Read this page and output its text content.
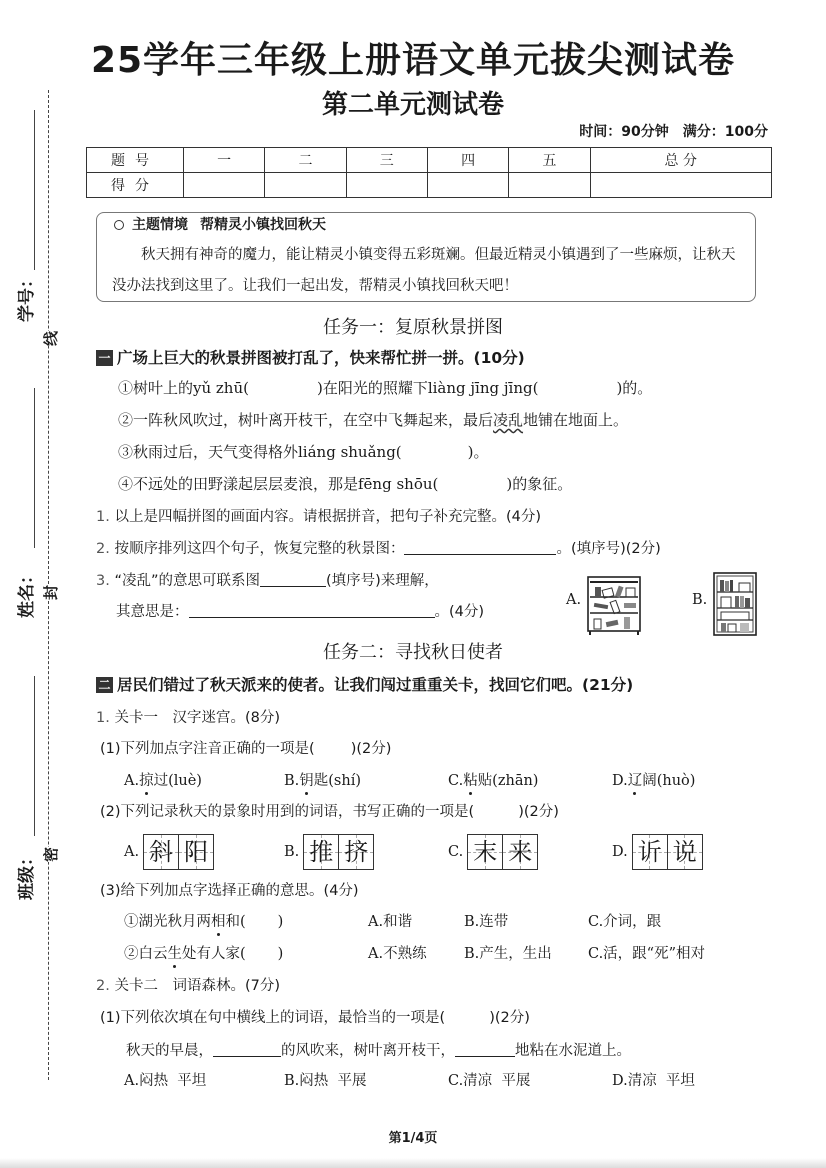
25学年三年级上册语文单元拔尖测试卷
第二单元测试卷
时间：90分钟 满分：100分
题号	一	二	三	四	五	总 分
得分						
学号：
姓名：
班级：
线
封
密
主题情境 帮精灵小镇找回秋天
秋天拥有神奇的魔力，能让精灵小镇变得五彩斑斓。但最近精灵小镇遇到了一些麻烦，让秋天没办法找到这里了。让我们一起出发，帮精灵小镇找回秋天吧！
任务一：复原秋景拼图
一 广场上巨大的秋景拼图被打乱了，快来帮忙拼一拼。(10分)
①树叶上的yǔ zhū(	)在阳光的照耀下liàng jīng jīng(	)的。
②一阵秋风吹过，树叶离开枝干，在空中飞舞起来，最后凌乱地铺在地面上。
③秋雨过后，天气变得格外liáng shuǎng(	)。
④不远处的田野漾起层层麦浪，那是fēng shōu(	)的象征。
1. 以上是四幅拼图的画面内容。请根据拼音，把句子补充完整。(4分)
2. 按顺序排列这四个句子，恢复完整的秋景图：	。(填序号)(2分)
3. “凌乱”的意思可联系图	(填序号)来理解，
其意思是：	。(4分)
A.	B.
任务二：寻找秋日使者
二 居民们错过了秋天派来的使者。让我们闯过重重关卡，找回它们吧。(21分)
1. 关卡一　汉字迷宫。(8分)
(1)下列加点字注音正确的一项是( )(2分)
A.掠过(luè)	B.钥匙(shí)	C.粘贴(zhān)	D.辽阔(huò)
(2)下列记录秋天的景象时用到的词语，书写正确的一项是(	)(2分)
A. 斜 阳	B. 推 挤	C. 末 来	D. 䜣 说
(3)给下列加点字选择正确的意思。(4分)
①湖光秋月两相和( )	A.和谐	B.连带	C.介词，跟
②白云生处有人家( )	A.不熟练	B.产生，生出 C.活，跟“死”相对
2. 关卡二　词语森林。(7分)
(1)下列依次填在句中横线上的词语，最恰当的一项是(	)(2分)
秋天的早晨，	的风吹来，树叶离开枝干，	地粘在水泥道上。
A.闷热  平坦	B.闷热  平展	C.清凉  平展	D.清凉  平坦
第1/4页
